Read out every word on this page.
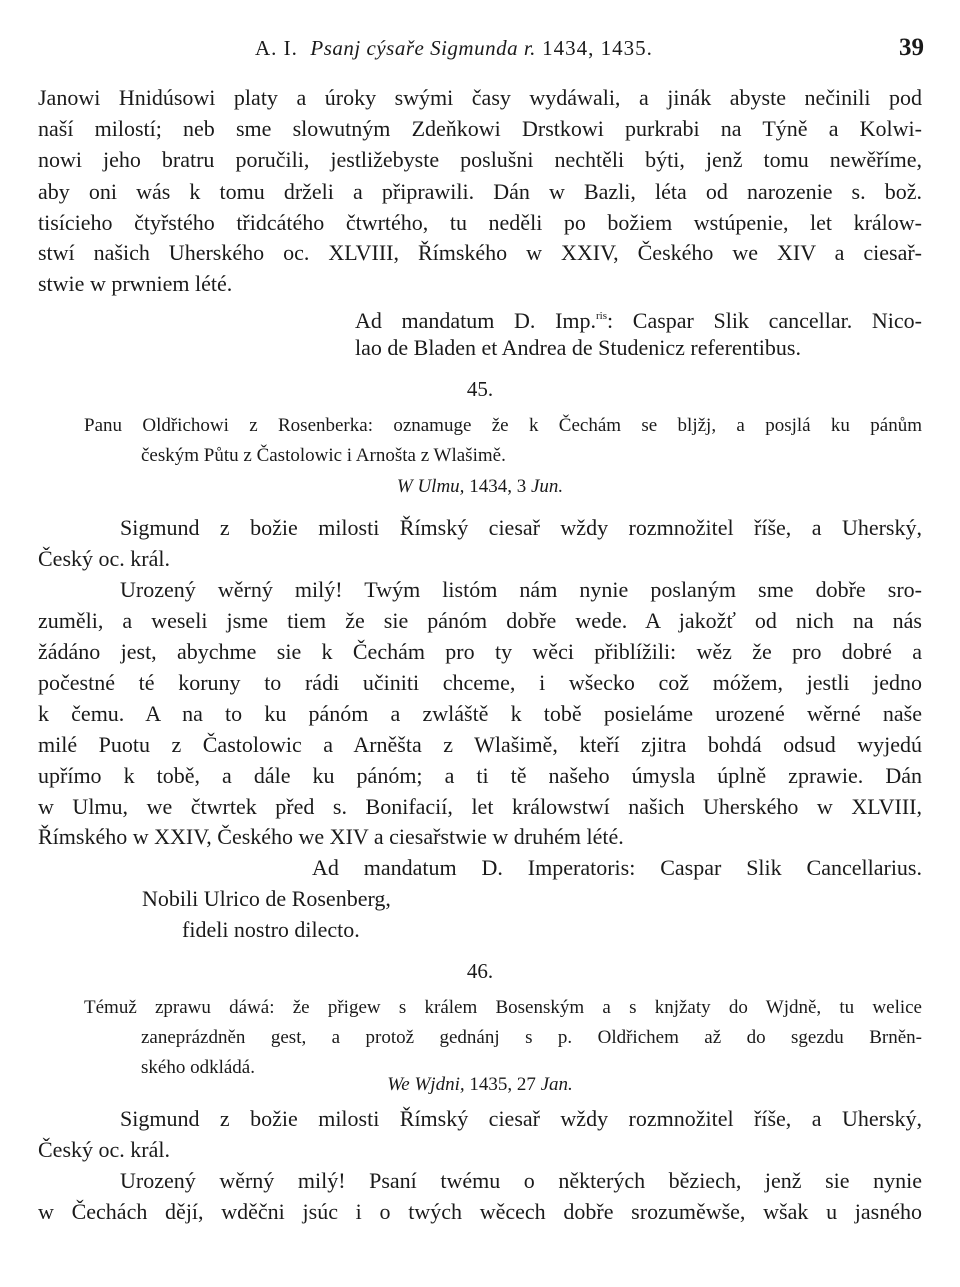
A. I. Psanj cýsaře Sigmunda r. 1434, 1435.	39
Janowi Hnidúsowi platy a úroky swými časy wydáwali, a jinák abyste nečinili pod
naší milostí; neb sme slowutným Zdeňkowi Drstkowi purkrabi na Týně a Kolwi-
nowi jeho bratru poručili, jestližebyste poslušni nechtěli býti, jenž tomu newěříme,
aby oni wás k tomu drželi a připrawili. Dán w Bazli, léta od narozenie s. bož.
tisícieho čtyřstého třidcátého čtwrtého, tu neděli po božiem wstúpenie, let králow-
stwí našich Uherského oc. XLVIII, Římského w XXIV, Českého we XIV a ciesař-
stwie w prwniem lété.
Ad mandatum D. Imp.$^{ris}$: Caspar Slik cancellar. Nico-
lao de Bladen et Andrea de Studenicz referentibus.
45.
Panu Oldřichowi z Rosenberka: oznamuge že k Čechám se bljžj, a posjlá ku pánům
českým Půtu z Častolowic i Arnošta z Wlašimě.
W Ulmu, 1434, 3 Jun.
Sigmund z božie milosti Římský ciesař wždy rozmnožitel říše, a Uherský,
Český oc. král.
Urozený wěrný milý! Twým listóm nám nynie poslaným sme dobře sro-
zuměli, a weseli jsme tiem že sie pánóm dobře wede. A jakožť od nich na nás
žádáno jest, abychme sie k Čechám pro ty wěci přiblížili: wěz že pro dobré a
počestné té koruny to rádi učiniti chceme, i wšecko což móžem, jestli jedno
k čemu. A na to ku pánóm a zwláště k tobě posieláme urozené wěrné naše
milé Puotu z Častolowic a Arněšta z Wlašimě, kteří zjitra bohdá odsud wyjedú
upřímo k tobě, a dále ku pánóm; a ti tě našeho úmysla úplně zprawie. Dán
w Ulmu, we čtwrtek před s. Bonifacií, let králowstwí našich Uherského w XLVIII,
Římského w XXIV, Českého we XIV a ciesařstwie w druhém lété.
Ad mandatum D. Imperatoris: Caspar Slik Cancellarius.
Nobili Ulrico de Rosenberg,
fideli nostro dilecto.
46.
Témuž zprawu dáwá: že přigew s králem Bosenským a s knjžaty do Wjdně, tu welice
zaneprázdněn gest, a protož gednánj s p. Oldřichem až do sgezdu Brněn-
ského odkládá.
We Wjdni, 1435, 27 Jan.
Sigmund z božie milosti Římský ciesař wždy rozmnožitel říše, a Uherský,
Český oc. král.
Urozený wěrný milý! Psaní twému o některých běziech, jenž sie nynie
w Čechách dějí, wděčni jsúc i o twých wěcech dobře srozuměwše, wšak u jasného
